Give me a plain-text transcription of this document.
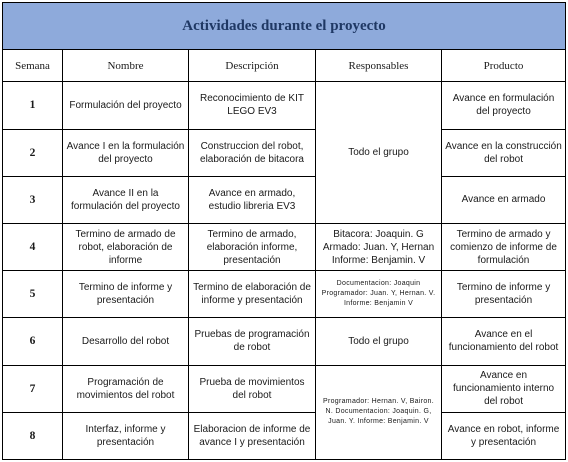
Actividades durante el proyecto				
Semana	Nombre	Descripción	Responsables	Producto
1	Formulación del proyecto	Reconocimiento de KIT LEGO EV3	Todo el grupo	Avance en formulación del proyecto
2	Avance I en la formulación del proyecto	Construccion del robot, elaboración de bitacora		Avance en la construcción del robot
3	Avance II en la formulación del proyecto	Avance en armado, estudio libreria EV3		Avance en armado
4	Termino de armado de robot, elaboración de informe	Termino de armado, elaboración informe, presentación	Bitacora: Joaquin. G Armado: Juan. Y, Hernan Informe: Benjamin. V	Termino de armado y comienzo de informe de formulación
5	Termino de informe y presentación	Termino de elaboración de informe y presentación	Documentacion: Joaquin Programador: Juan. Y, Hernan. V. Informe: Benjamin V	Termino de informe y presentación
6	Desarrollo del robot	Pruebas de programación de robot	Todo el grupo	Avance en el funcionamiento del robot
7	Programación de movimientos del robot	Prueba de movimientos del robot	Programador: Hernan. V, Bairon. N. Documentacion: Joaquin. G, Juan. Y. Informe: Benjamin. V	Avance en funcionamiento interno del robot
8	Interfaz, informe y presentación	Elaboracion de informe de avance I y presentación		Avance en robot, informe y presentación
